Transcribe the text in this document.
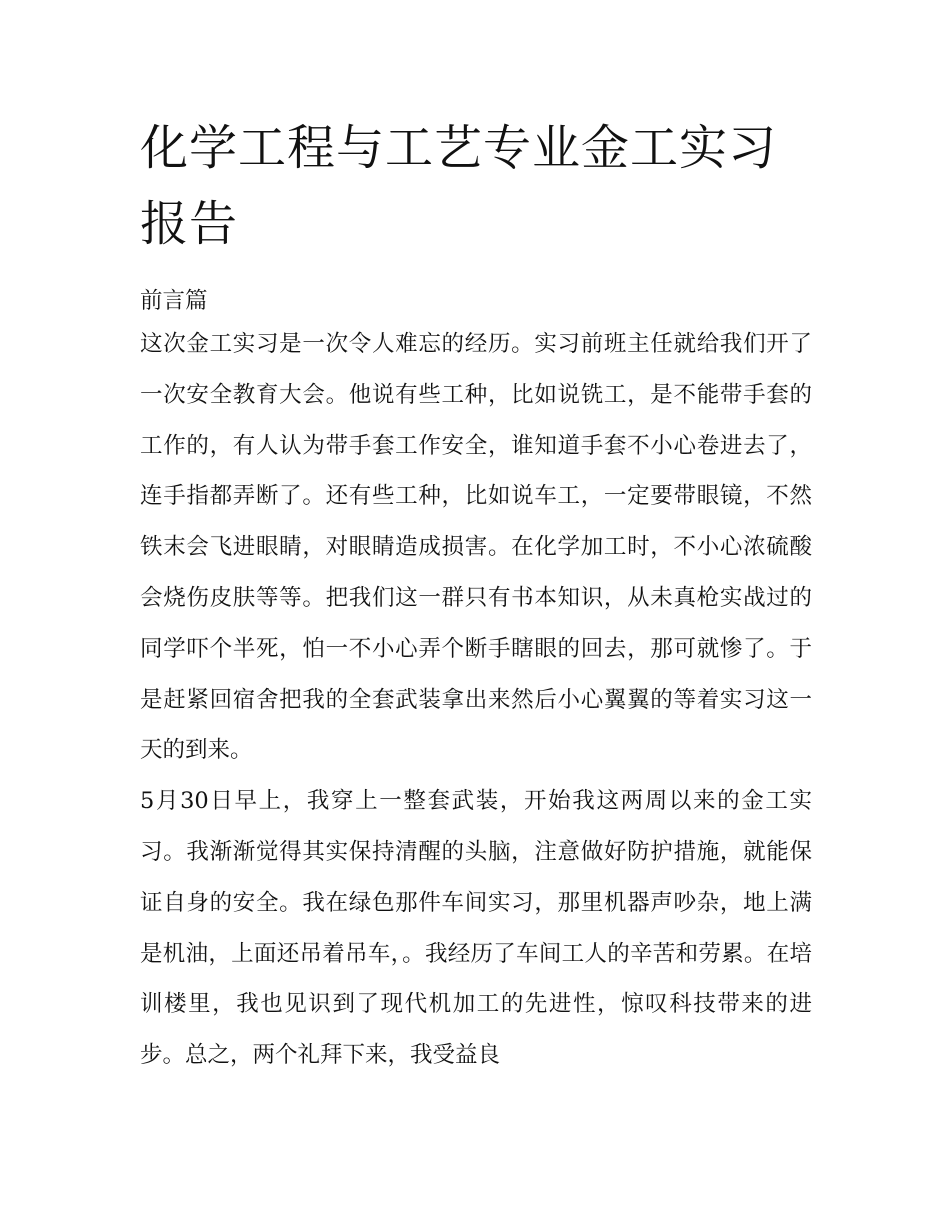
化学工程与工艺专业金工实习报告
前言篇

这次金工实习是一次令人难忘的经历。实习前班主任就给我们开了一次安全教育大会。他说有些工种，比如说铣工，是不能带手套的工作的，有人认为带手套工作安全，谁知道手套不小心卷进去了，连手指都弄断了。还有些工种，比如说车工，一定要带眼镜，不然铁末会飞进眼睛，对眼睛造成损害。在化学加工时，不小心浓硫酸会烧伤皮肤等等。把我们这一群只有书本知识，从未真枪实战过的同学吓个半死，怕一不小心弄个断手瞎眼的回去，那可就惨了。于是赶紧回宿舍把我的全套武装拿出来然后小心翼翼的等着实习这一天的到来。

5月30日早上，我穿上一整套武装，开始我这两周以来的金工实习。我渐渐觉得其实保持清醒的头脑，注意做好防护措施，就能保证自身的安全。我在绿色那件车间实习，那里机器声吵杂，地上满是机油，上面还吊着吊车，。我经历了车间工人的辛苦和劳累。在培训楼里，我也见识到了现代机加工的先进性，惊叹科技带来的进步。总之，两个礼拜下来，我受益良
